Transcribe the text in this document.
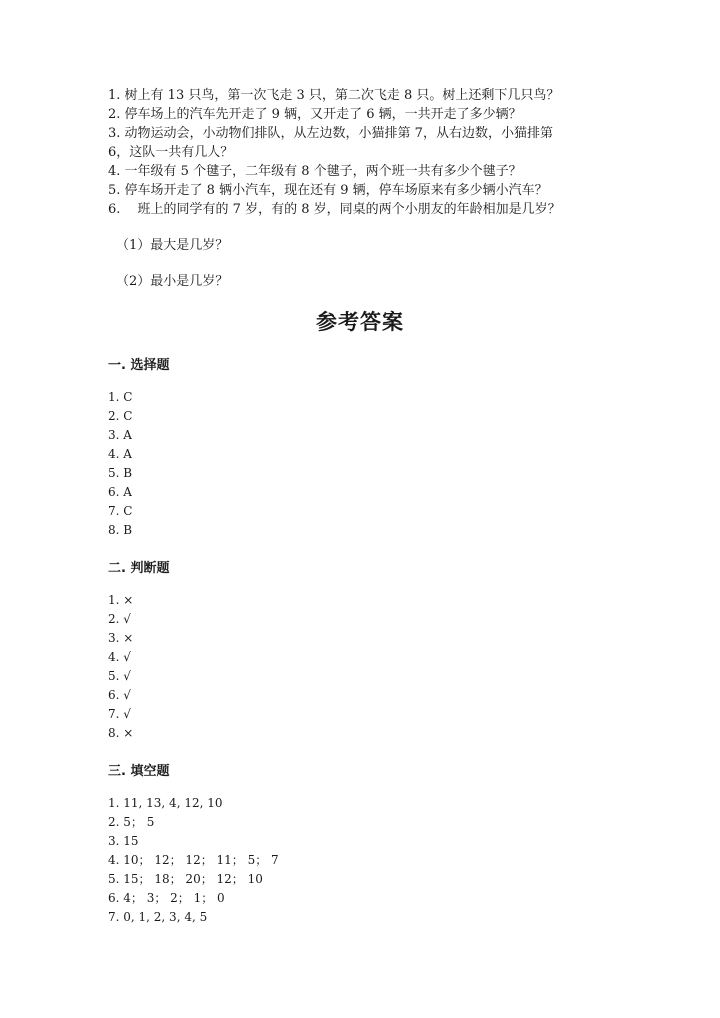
1. 树上有 13 只鸟，第一次飞走 3 只，第二次飞走 8 只。树上还剩下几只鸟？
2. 停车场上的汽车先开走了 9 辆，又开走了 6 辆，一共开走了多少辆？
3. 动物运动会，小动物们排队，从左边数，小猫排第 7，从右边数，小猫排第
6，这队一共有几人？
4. 一年级有 5 个毽子，二年级有 8 个毽子，两个班一共有多少个毽子？
5. 停车场开走了 8 辆小汽车，现在还有 9 辆，停车场原来有多少辆小汽车？
6.　 班上的同学有的 7 岁，有的 8 岁，同桌的两个小朋友的年龄相加是几岁？
（1）最大是几岁？
（2）最小是几岁？
参考答案
一. 选择题
1. C
2. C
3. A
4. A
5. B
6. A
7. C
8. B
二. 判断题
1. ×
2. √
3. ×
4. √
5. √
6. √
7. √
8. ×
三. 填空题
1. 11, 13, 4, 12, 10
2. 5； 5
3. 15
4. 10； 12； 12； 11； 5； 7
5. 15； 18； 20； 12； 10
6. 4； 3； 2； 1； 0
7. 0, 1, 2, 3, 4, 5
